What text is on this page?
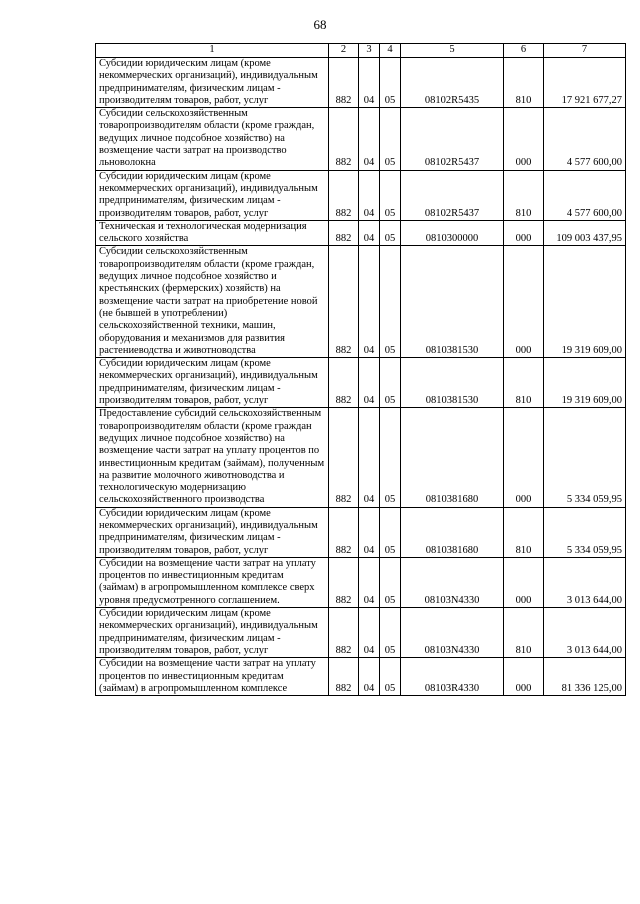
68
1	2	3	4	5	6	7
Субсидии юридическим лицам (кроме некоммерческих организаций), индивидуальным предпринимателям, физическим лицам - производителям товаров, работ, услуг	882	04	05	08102R5435	810	17 921 677,27
Субсидии сельскохозяйственным товаропроизводителям области (кроме граждан, ведущих личное подсобное хозяйство) на возмещение части затрат на производство льноволокна	882	04	05	08102R5437	000	4 577 600,00
Субсидии юридическим лицам (кроме некоммерческих организаций), индивидуальным предпринимателям, физическим лицам - производителям товаров, работ, услуг	882	04	05	08102R5437	810	4 577 600,00
Техническая и технологическая модернизация сельского хозяйства	882	04	05	0810300000	000	109 003 437,95
Субсидии сельскохозяйственным товаропроизводителям области (кроме граждан, ведущих личное подсобное хозяйство и крестьянских (фермерских) хозяйств) на возмещение части затрат на приобретение новой (не бывшей в употреблении) сельскохозяйственной техники, машин, оборудования и механизмов для развития растениеводства и животноводства	882	04	05	0810381530	000	19 319 609,00
Субсидии юридическим лицам (кроме некоммерческих организаций), индивидуальным предпринимателям, физическим лицам - производителям товаров, работ, услуг	882	04	05	0810381530	810	19 319 609,00
Предоставление субсидий сельскохозяйственным товаропроизводителям области (кроме граждан ведущих личное подсобное хозяйство) на возмещение части затрат на уплату процентов по инвестиционным кредитам (займам), полученным на развитие молочного животноводства и технологическую модернизацию сельскохозяйственного производства	882	04	05	0810381680	000	5 334 059,95
Субсидии юридическим лицам (кроме некоммерческих организаций), индивидуальным предпринимателям, физическим лицам - производителям товаров, работ, услуг	882	04	05	0810381680	810	5 334 059,95
Субсидии на возмещение части затрат на уплату процентов по инвестиционным кредитам (займам) в агропромышленном комплексе сверх уровня предусмотренного соглашением.	882	04	05	08103N4330	000	3 013 644,00
Субсидии юридическим лицам (кроме некоммерческих организаций), индивидуальным предпринимателям, физическим лицам - производителям товаров, работ, услуг	882	04	05	08103N4330	810	3 013 644,00
Субсидии на возмещение части затрат на уплату процентов по инвестиционным кредитам (займам) в агропромышленном комплексе	882	04	05	08103R4330	000	81 336 125,00
